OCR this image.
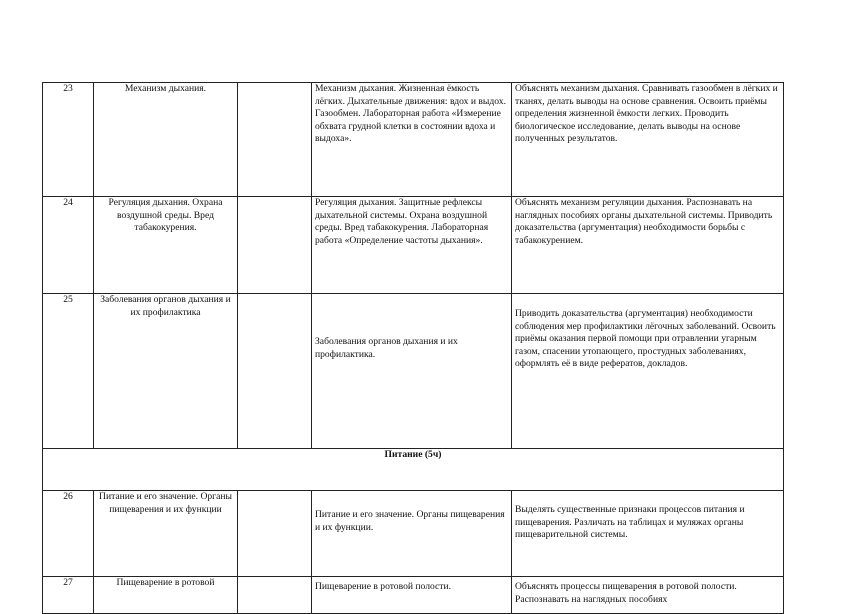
23	Механизм дыхания.		Механизм дыхания. Жизненная ёмкость лёгких. Дыхательные движения: вдох и выдох. Газообмен. Лабораторная работа «Измерение обхвата грудной клетки в состоянии вдоха и выдоха».	Объяснять механизм дыхания. Сравнивать газообмен в лёгких и тканях, делать выводы на основе сравнения. Освоить приёмы определения жизненной ёмкости легких. Проводить биологическое исследование, делать выводы на основе полученных результатов.
24	Регуляция дыхания. Охрана воздушной среды. Вред табакокурения.		Регуляция дыхания. Защитные рефлексы дыхательной системы. Охрана воздушной среды. Вред табакокурения. Лабораторная работа «Определение частоты дыхания».	Объяснять механизм регуляции дыхания. Распознавать на наглядных пособиях органы дыхательной системы. Приводить доказательства (аргументация) необходимости борьбы с табакокурением.
25	Заболевания органов дыхания и их профилактика		Заболевания органов дыхания и их профилактика.	Приводить доказательства (аргументация) необходимости соблюдения мер профилактики лёгочных заболеваний. Освоить приёмы оказания первой помощи при отравлении угарным газом, спасении утопающего, простудных заболеваниях, оформлять её в виде рефератов, докладов.
Питание (5ч)				
26	Питание и его значение. Органы пищеварения и их функции		Питание и его значение. Органы пищеварения и их функции.	Выделять существенные признаки процессов питания и пищеварения. Различать на таблицах и муляжах органы пищеварительной системы.
27	Пищеварение в ротовой		Пищеварение в ротовой полости.	Объяснять процессы пищеварения в ротовой полости. Распознавать на наглядных пособиях
